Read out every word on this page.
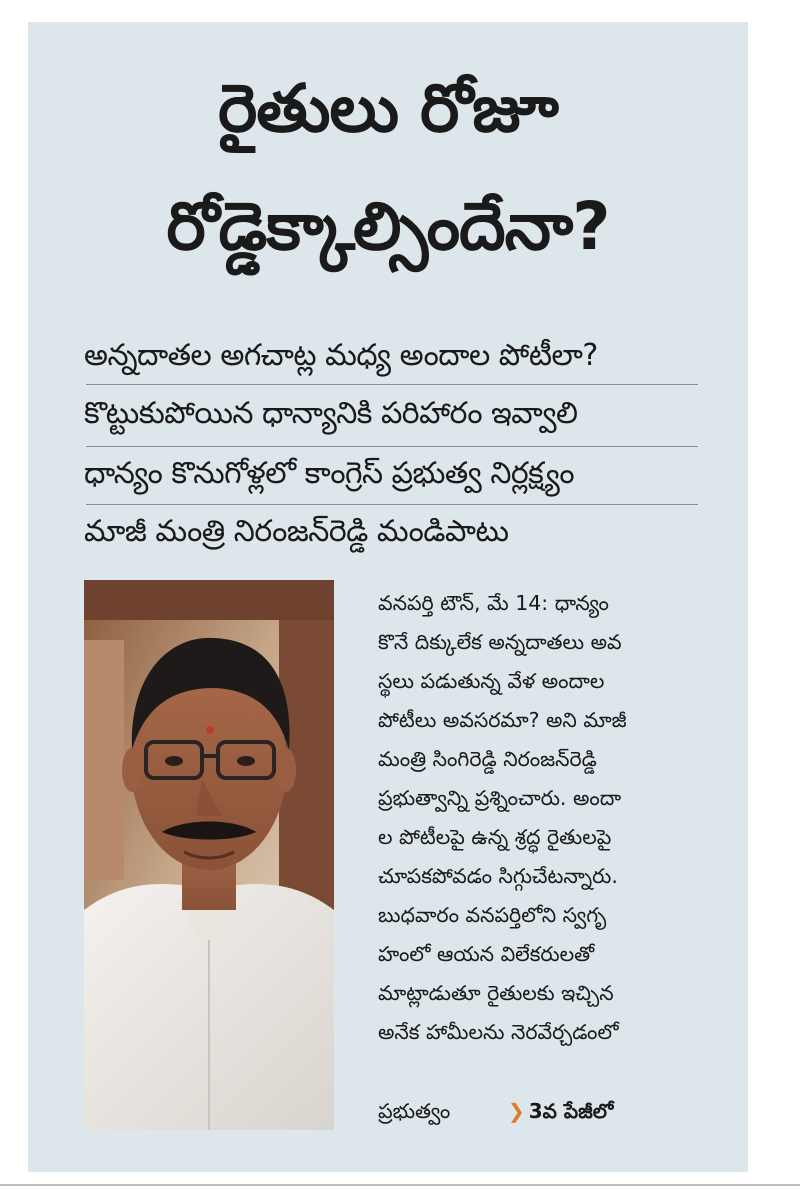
రైతులు రోజూ
రోడ్డెక్కాల్సిందేనా?
అన్నదాతల అగచాట్ల మధ్య అందాల పోటీలా?
కొట్టుకుపోయిన ధాన్యానికి పరిహారం ఇవ్వాలి
ధాన్యం కొనుగోళ్లలో కాంగ్రెస్ ప్రభుత్వ నిర్లక్ష్యం
మాజీ మంత్రి నిరంజన్‌రెడ్డి మండిపాటు
వనపర్తి టౌన్, మే 14: ధాన్యం
కొనే దిక్కులేక అన్నదాతలు అవ
స్థలు పడుతున్న వేళ అందాల
పోటీలు అవసరమా? అని మాజీ
మంత్రి సింగిరెడ్డి నిరంజన్‌రెడ్డి
ప్రభుత్వాన్ని ప్రశ్నించారు. అందా
ల పోటీలపై ఉన్న శ్రద్ధ రైతులపై
చూపకపోవడం సిగ్గుచేటన్నారు.
బుధవారం వనపర్తిలోని స్వగృ
హంలో ఆయన విలేకరులతో
మాట్లాడుతూ రైతులకు ఇచ్చిన
అనేక హామీలను నెరవేర్చడంలో
ప్రభుత్వం	❯ 3వ పేజీలో
